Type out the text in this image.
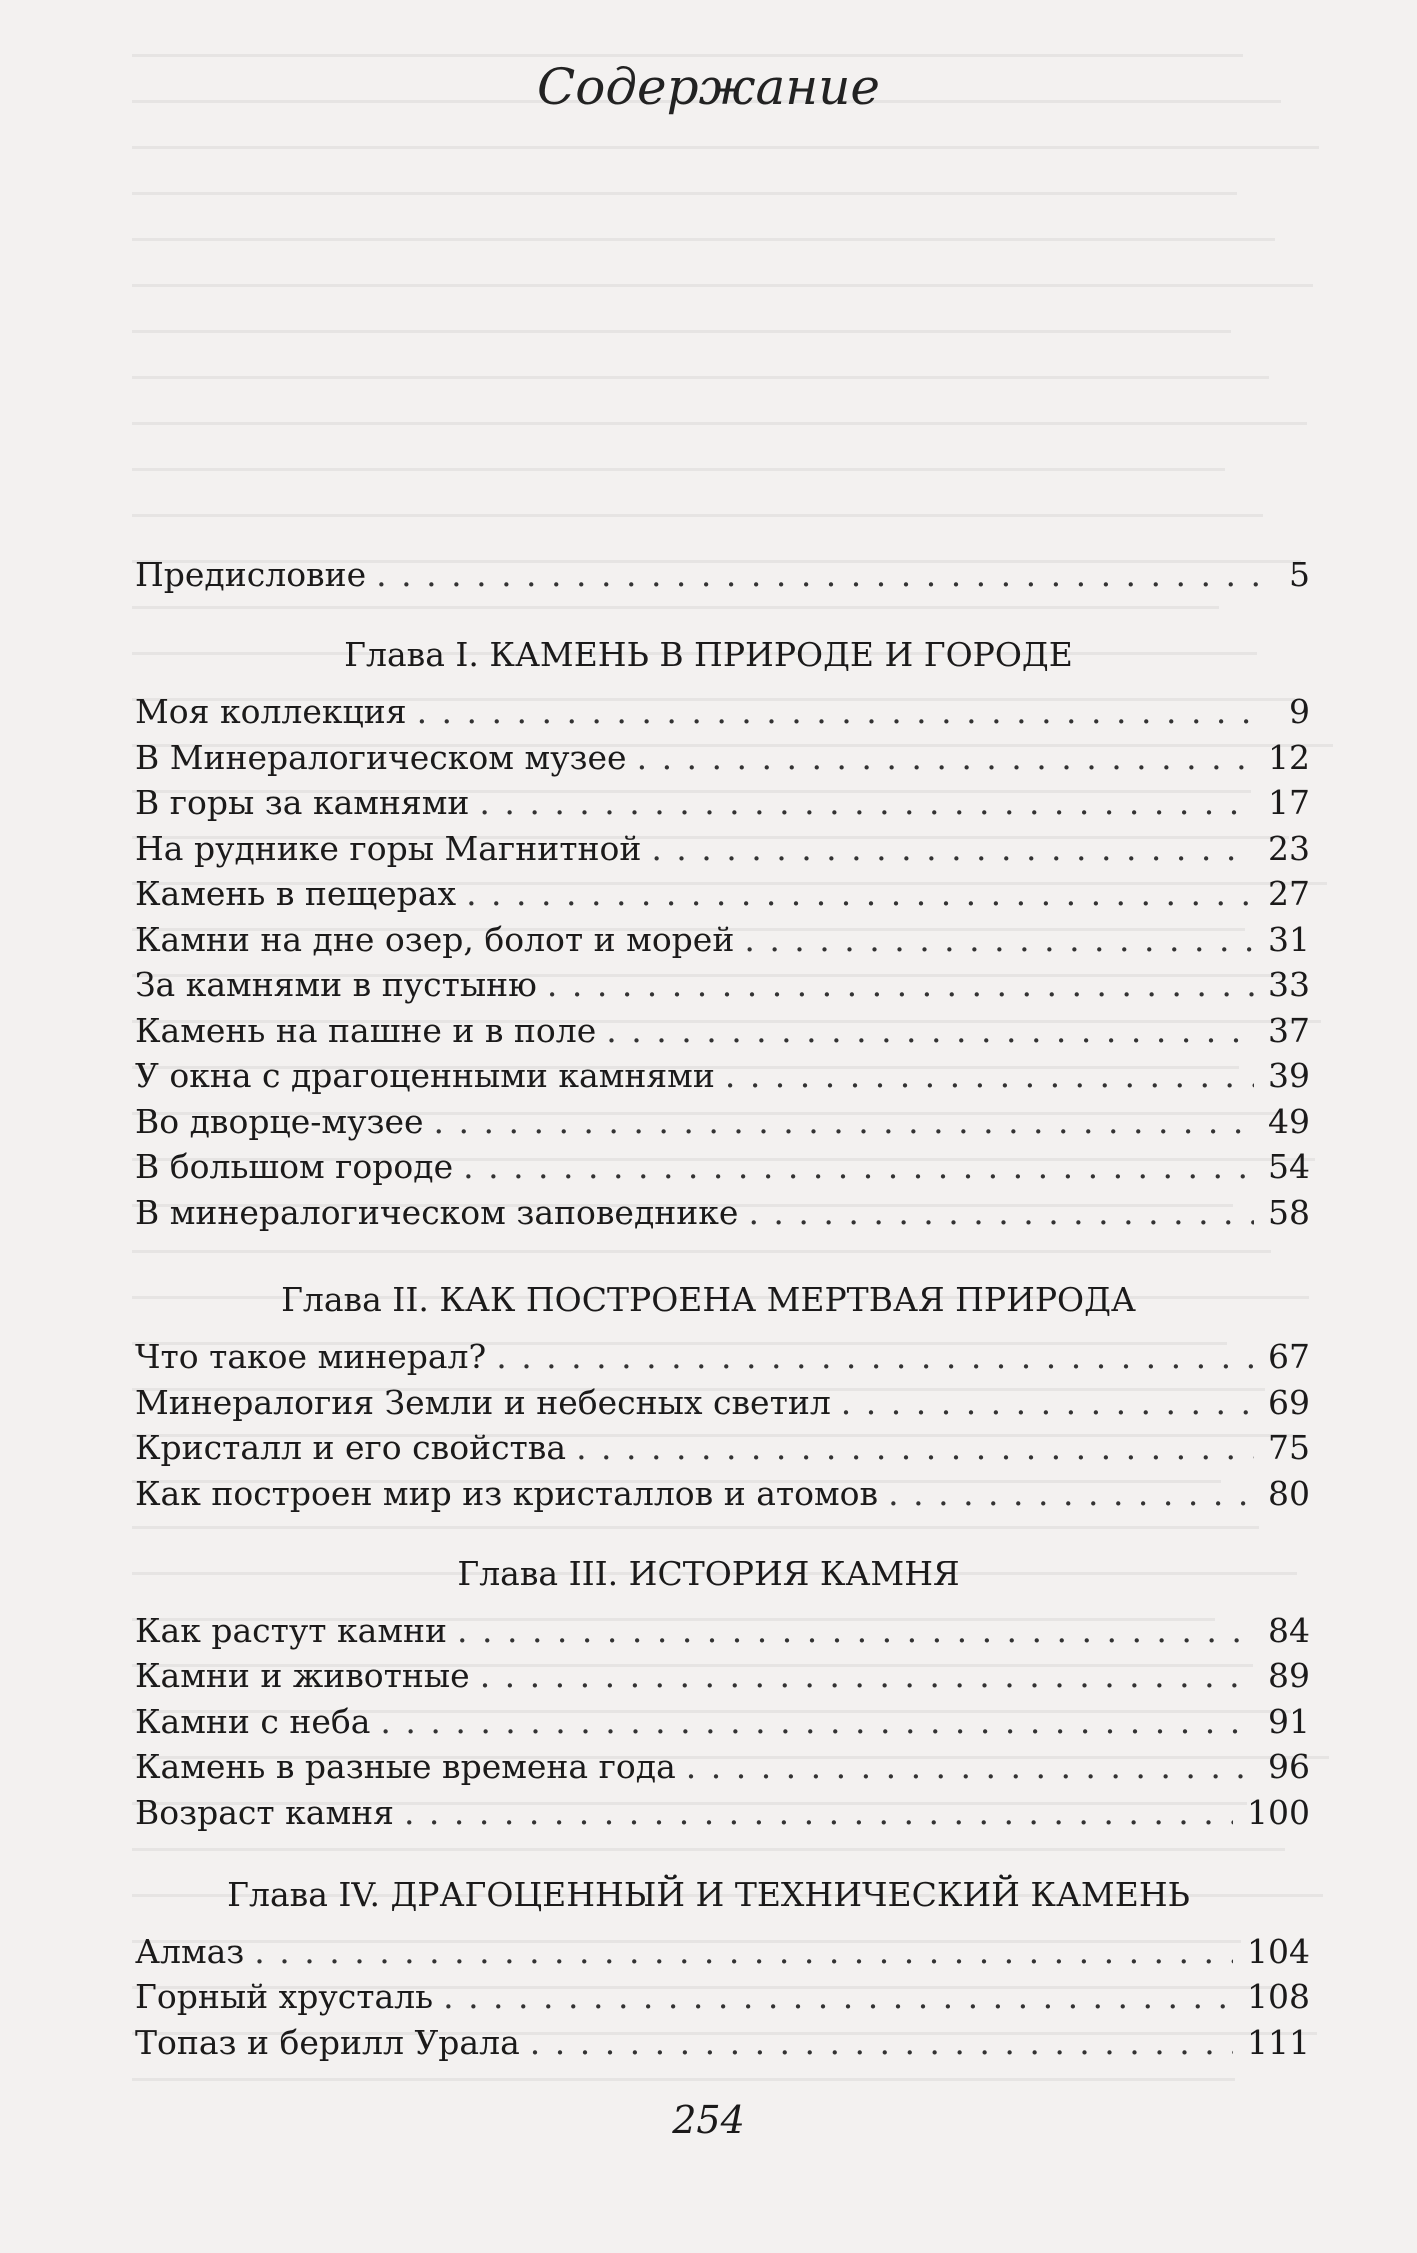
Содержание
Предисловие . . .	5
Глава I. КАМЕНЬ В ПРИРОДЕ И ГОРОДЕ
Моя коллекция . . .	9
В Минералогическом музее . . .	12
В горы за камнями . . .	17
На руднике горы Магнитной . . .	23
Камень в пещерах . . .	27
Камни на дне озер, болот и морей . . .	31
За камнями в пустыню . . .	33
Камень на пашне и в поле . . .	37
У окна с драгоценными камнями . . .	39
Во дворце-музее . . .	49
В большом городе . . .	54
В минералогическом заповеднике . . .	58
Глава II. КАК ПОСТРОЕНА МЕРТВАЯ ПРИРОДА
Что такое минерал? . . .	67
Минералогия Земли и небесных светил . . .	69
Кристалл и его свойства . . .	75
Как построен мир из кристаллов и атомов . . .	80
Глава III. ИСТОРИЯ КАМНЯ
Как растут камни . . .	84
Камни и животные . . .	89
Камни с неба . . .	91
Камень в разные времена года . . .	96
Возраст камня . . .	100
Глава IV. ДРАГОЦЕННЫЙ И ТЕХНИЧЕСКИЙ КАМЕНЬ
Алмаз . . .	104
Горный хрусталь . . .	108
Топаз и берилл Урала . . .	111
254
